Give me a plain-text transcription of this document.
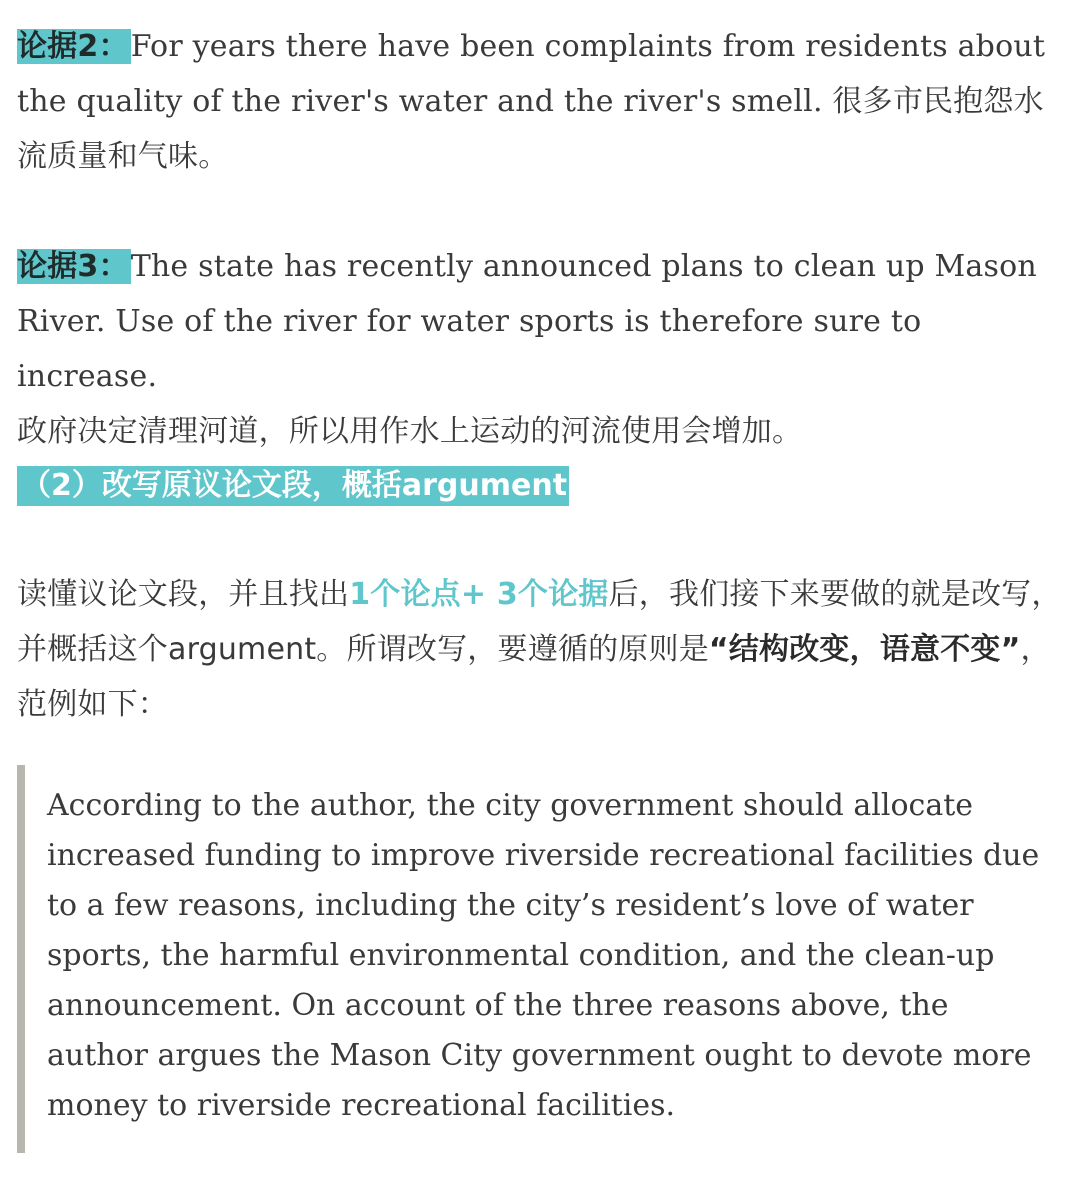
论据2：For years there have been complaints from residents about the quality of the river's water and the river's smell. 很多市民抱怨水流质量和气味。

论据3：The state has recently announced plans to clean up Mason River. Use of the river for water sports is therefore sure to increase.
政府决定清理河道，所以用作水上运动的河流使用会增加。

（2）改写原议论文段，概括argument

读懂议论文段，并且找出1个论点+ 3个论据后，我们接下来要做的就是改写，并概括这个argument。所谓改写，要遵循的原则是“结构改变，语意不变”，范例如下：

According to the author, the city government should allocate increased funding to improve riverside recreational facilities due to a few reasons, including the city’s resident’s love of water sports, the harmful environmental condition, and the clean-up announcement. On account of the three reasons above, the author argues the Mason City government ought to devote more money to riverside recreational facilities.
